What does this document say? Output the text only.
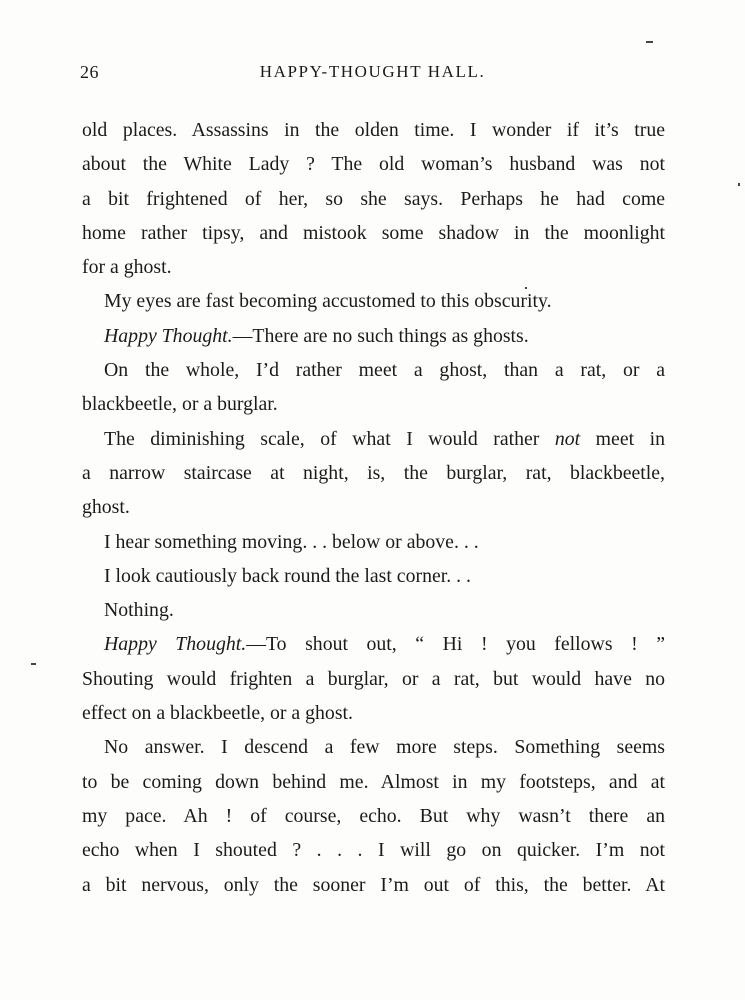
26	HAPPY-THOUGHT HALL.
old places. Assassins in the olden time. I wonder if it’s true
about the White Lady ? The old woman’s husband was not
a bit frightened of her, so she says. Perhaps he had come
home rather tipsy, and mistook some shadow in the moonlight
for a ghost.
My eyes are fast becoming accustomed to this obscurity.
Happy Thought.—There are no such things as ghosts.
On the whole, I’d rather meet a ghost, than a rat, or a
blackbeetle, or a burglar.
The diminishing scale, of what I would rather not meet in
a narrow staircase at night, is, the burglar, rat, blackbeetle,
ghost.
I hear something moving. . . below or above. . .
I look cautiously back round the last corner. . .
Nothing.
Happy Thought.—To shout out, “ Hi ! you fellows ! ”
Shouting would frighten a burglar, or a rat, but would have no
effect on a blackbeetle, or a ghost.
No answer. I descend a few more steps. Something seems
to be coming down behind me. Almost in my footsteps, and at
my pace. Ah ! of course, echo. But why wasn’t there an
echo when I shouted ? . . . I will go on quicker. I’m not
a bit nervous, only the sooner I’m out of this, the better. At
